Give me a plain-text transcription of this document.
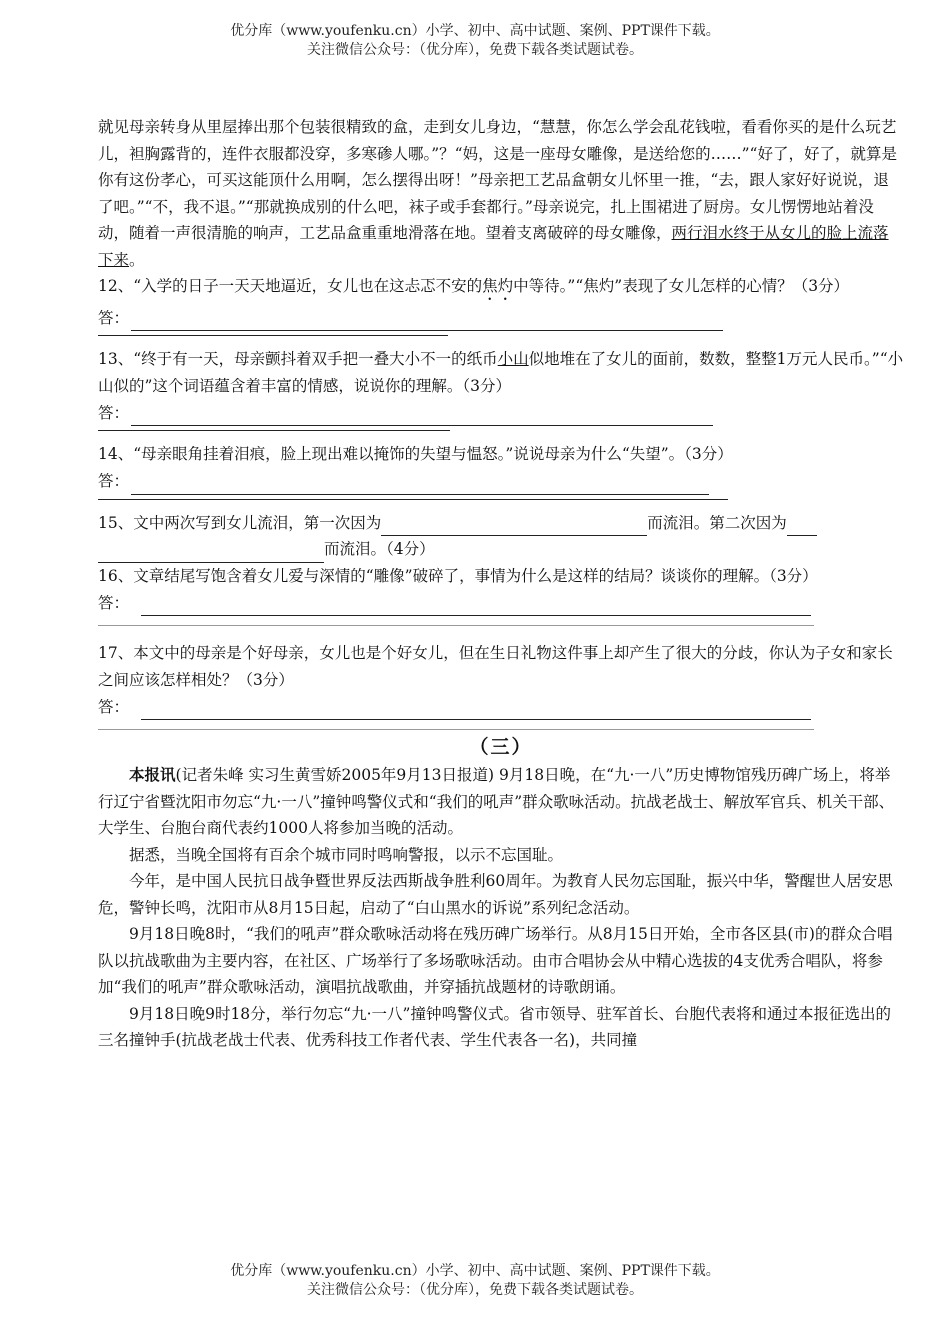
优分库（www.youfenku.cn）小学、初中、高中试题、案例、PPT课件下载。
关注微信公众号：（优分库），免费下载各类试题试卷。

就见母亲转身从里屋捧出那个包装很精致的盒，走到女儿身边，“慧慧，你怎么学会乱花钱啦，看看你买的是什么玩艺儿，袒胸露背的，连件衣服都没穿，多寒碜人哪。”？“妈，这是一座母女雕像，是送给您的……”“好了，好了，就算是你有这份孝心，可买这能顶什么用啊，怎么摆得出呀！”母亲把工艺品盒朝女儿怀里一推，“去，跟人家好好说说，退了吧。”“不，我不退。”“那就换成别的什么吧，袜子或手套都行。”母亲说完，扎上围裙进了厨房。女儿愣愣地站着没动，随着一声很清脆的响声，工艺品盒重重地滑落在地。望着支离破碎的母女雕像，两行泪水终于从女儿的脸上流落下来。

12、“入学的日子一天天地逼近，女儿也在这忐忑不安的焦灼中等待。”“焦灼”表现了女儿怎样的心情？（3分）

答：

13、“终于有一天，母亲颤抖着双手把一叠大小不一的纸币小山似地堆在了女儿的面前，数数，整整1万元人民币。”“小山似的”这个词语蕴含着丰富的情感，说说你的理解。（3分）

答：

14、“母亲眼角挂着泪痕，脸上现出难以掩饰的失望与愠怒。”说说母亲为什么“失望”。（3分）

答：

15、文中两次写到女儿流泪，第一次因为	而流泪。第二次因为
而流泪。（4分）

16、文章结尾写饱含着女儿爱与深情的“雕像”破碎了，事情为什么是这样的结局？谈谈你的理解。（3分）

答：

17、本文中的母亲是个好母亲，女儿也是个好女儿，但在生日礼物这件事上却产生了很大的分歧，你认为子女和家长之间应该怎样相处？（3分）

答：
（三）

本报讯(记者朱峰 实习生黄雪娇2005年9月13日报道) 9月18日晚，在“九·一八”历史博物馆残历碑广场上，将举行辽宁省暨沈阳市勿忘“九·一八”撞钟鸣警仪式和“我们的吼声”群众歌咏活动。抗战老战士、解放军官兵、机关干部、大学生、台胞台商代表约1000人将参加当晚的活动。

据悉，当晚全国将有百余个城市同时鸣响警报，以示不忘国耻。

今年，是中国人民抗日战争暨世界反法西斯战争胜利60周年。为教育人民勿忘国耻，振兴中华，警醒世人居安思危，警钟长鸣，沈阳市从8月15日起，启动了“白山黑水的诉说”系列纪念活动。

9月18日晚8时，“我们的吼声”群众歌咏活动将在残历碑广场举行。从8月15日开始，全市各区县(市)的群众合唱队以抗战歌曲为主要内容，在社区、广场举行了多场歌咏活动。由市合唱协会从中精心选拔的4支优秀合唱队，将参加“我们的吼声”群众歌咏活动，演唱抗战歌曲，并穿插抗战题材的诗歌朗诵。

9月18日晚9时18分，举行勿忘“九·一八”撞钟鸣警仪式。省市领导、驻军首长、台胞代表将和通过本报征选出的三名撞钟手(抗战老战士代表、优秀科技工作者代表、学生代表各一名)，共同撞

优分库（www.youfenku.cn）小学、初中、高中试题、案例、PPT课件下载。
关注微信公众号：（优分库），免费下载各类试题试卷。
